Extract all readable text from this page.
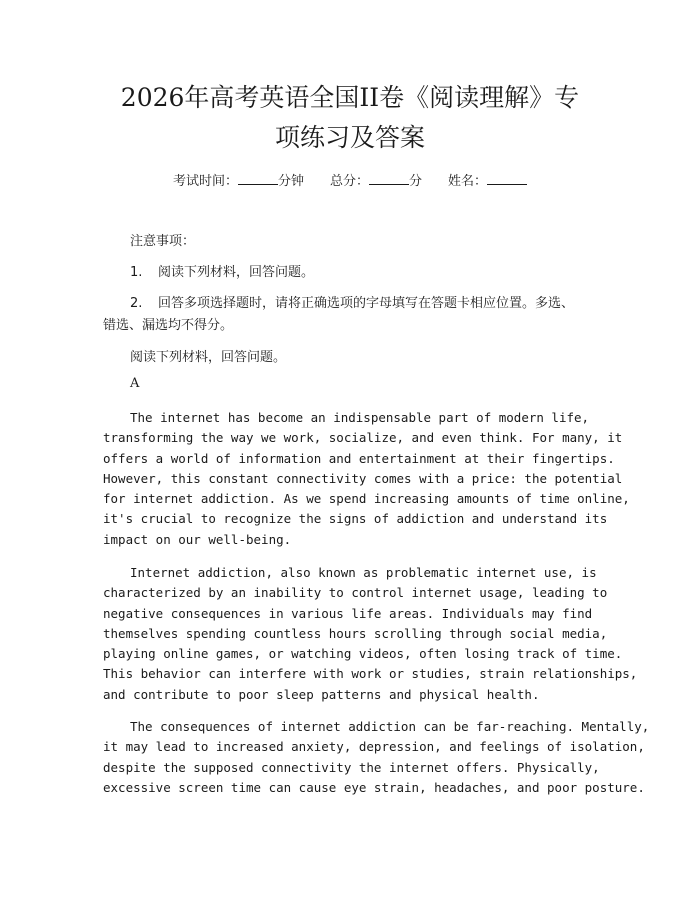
2026年高考英语全国II卷《阅读理解》专
项练习及答案
考试时间：	分钟 总分：	分 姓名：
注意事项：
1. 阅读下列材料，回答问题。
2. 回答多项选择题时，请将正确选项的字母填写在答题卡相应位置。多选、
错选、漏选均不得分。
阅读下列材料，回答问题。
A
The internet has become an indispensable part of modern life,
transforming the way we work, socialize, and even think. For many, it
offers a world of information and entertainment at their fingertips.
However, this constant connectivity comes with a price: the potential
for internet addiction. As we spend increasing amounts of time online,
it's crucial to recognize the signs of addiction and understand its
impact on our well-being.
Internet addiction, also known as problematic internet use, is
characterized by an inability to control internet usage, leading to
negative consequences in various life areas. Individuals may find
themselves spending countless hours scrolling through social media,
playing online games, or watching videos, often losing track of time.
This behavior can interfere with work or studies, strain relationships,
and contribute to poor sleep patterns and physical health.
The consequences of internet addiction can be far-reaching. Mentally,
it may lead to increased anxiety, depression, and feelings of isolation,
despite the supposed connectivity the internet offers. Physically,
excessive screen time can cause eye strain, headaches, and poor posture.
